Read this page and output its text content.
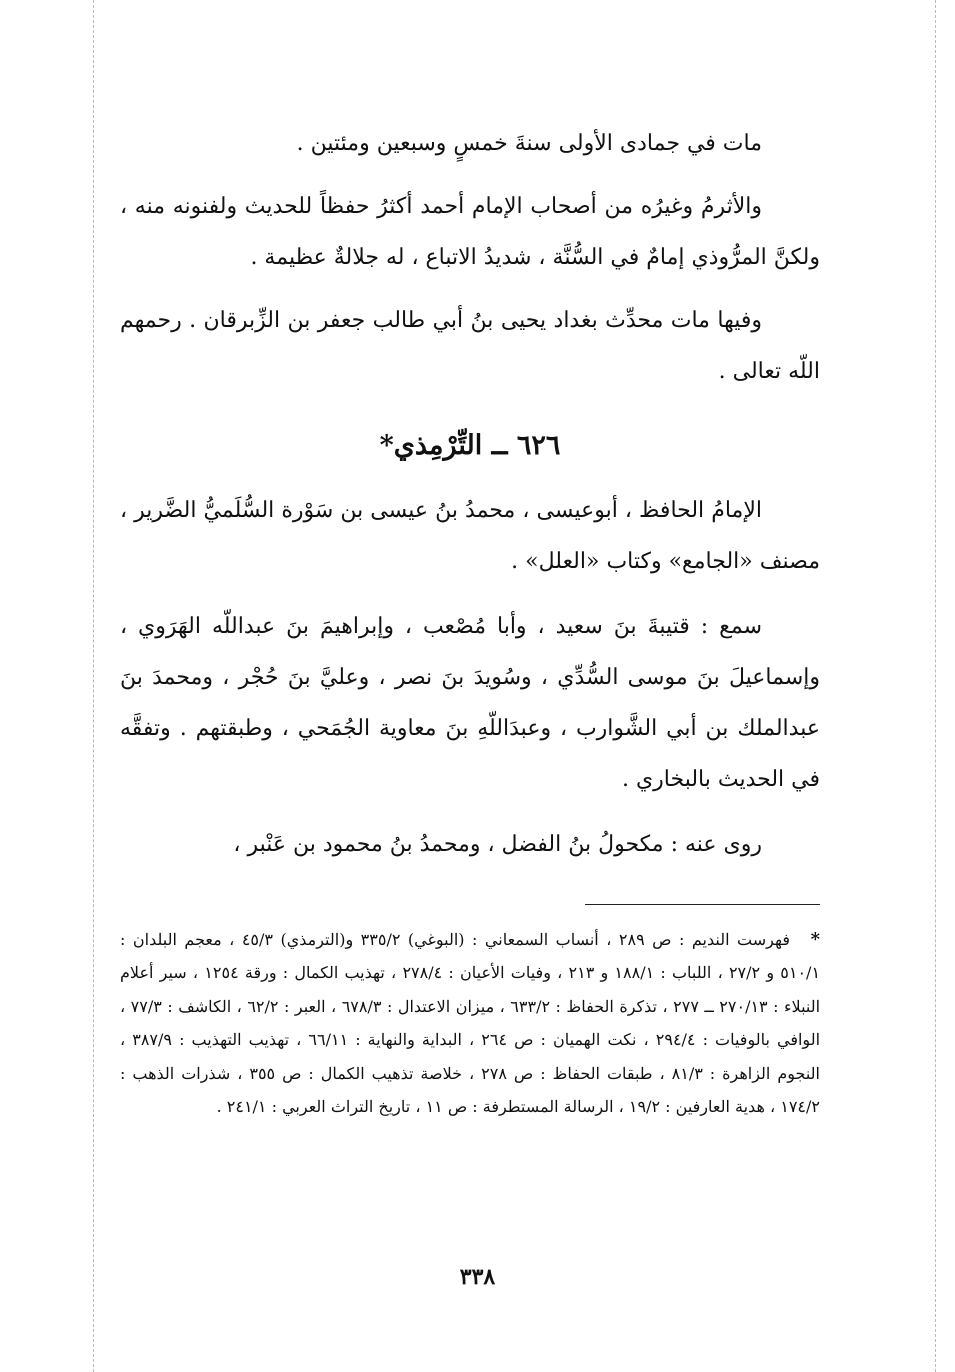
مات في جمادى الأولى سنةَ خمسٍ وسبعين ومئتين .

والأثرمُ وغيرُه من أصحاب الإمام أحمد أكثرُ حفظاً للحديث ولفنونه منه ، ولكنَّ المرُّوذي إمامٌ في السُّنَّة ، شديدُ الاتباع ، له جلالةٌ عظيمة .

وفيها مات محدِّث بغداد يحيى بنُ أبي طالب جعفر بن الزِّبرقان . رحمهم اللّه تعالى .

٦٢٦ ــ التِّرْمِذي*

الإمامُ الحافظ ، أبوعيسى ، محمدُ بنُ عيسى بن سَوْرة السُّلَميُّ الضَّرير ، مصنف «الجامع» وكتاب «العلل» .

سمع : قتيبةَ بنَ سعيد ، وأبا مُصْعب ، وإبراهيمَ بنَ عبداللّه الهَرَوي ، وإسماعيلَ بنَ موسى السُّدِّي ، وسُويدَ بنَ نصر ، وعليَّ بنَ حُجْر ، ومحمدَ بنَ عبدالملك بن أبي الشَّوارب ، وعبدَاللّهِ بنَ معاوية الجُمَحي ، وطبقتهم . وتفقَّه في الحديث بالبخاري .

روى عنه : مكحولُ بنُ الفضل ، ومحمدُ بنُ محمود بن عَنْبر ،

*فهرست النديم : ص ٢٨٩ ، أنساب السمعاني : (البوغي) ٣٣٥/٢ و(الترمذي) ٤٥/٣ ، معجم البلدان : ٥١٠/١ و ٢٧/٢ ، اللباب : ١٨٨/١ و ٢١٣ ، وفيات الأعيان : ٢٧٨/٤ ، تهذيب الكمال : ورقة ١٢٥٤ ، سير أعلام النبلاء : ٢٧٠/١٣ ــ ٢٧٧ ، تذكرة الحفاظ : ٦٣٣/٢ ، ميزان الاعتدال : ٦٧٨/٣ ، العبر : ٦٢/٢ ، الكاشف : ٧٧/٣ ، الوافي بالوفيات : ٢٩٤/٤ ، نكت الهميان : ص ٢٦٤ ، البداية والنهاية : ٦٦/١١ ، تهذيب التهذيب : ٣٨٧/٩ ، النجوم الزاهرة : ٨١/٣ ، طبقات الحفاظ : ص ٢٧٨ ، خلاصة تذهيب الكمال : ص ٣٥٥ ، شذرات الذهب : ١٧٤/٢ ، هدية العارفين : ١٩/٢ ، الرسالة المستطرفة : ص ١١ ، تاريخ التراث العربي : ٢٤١/١ .

٣٣٨
